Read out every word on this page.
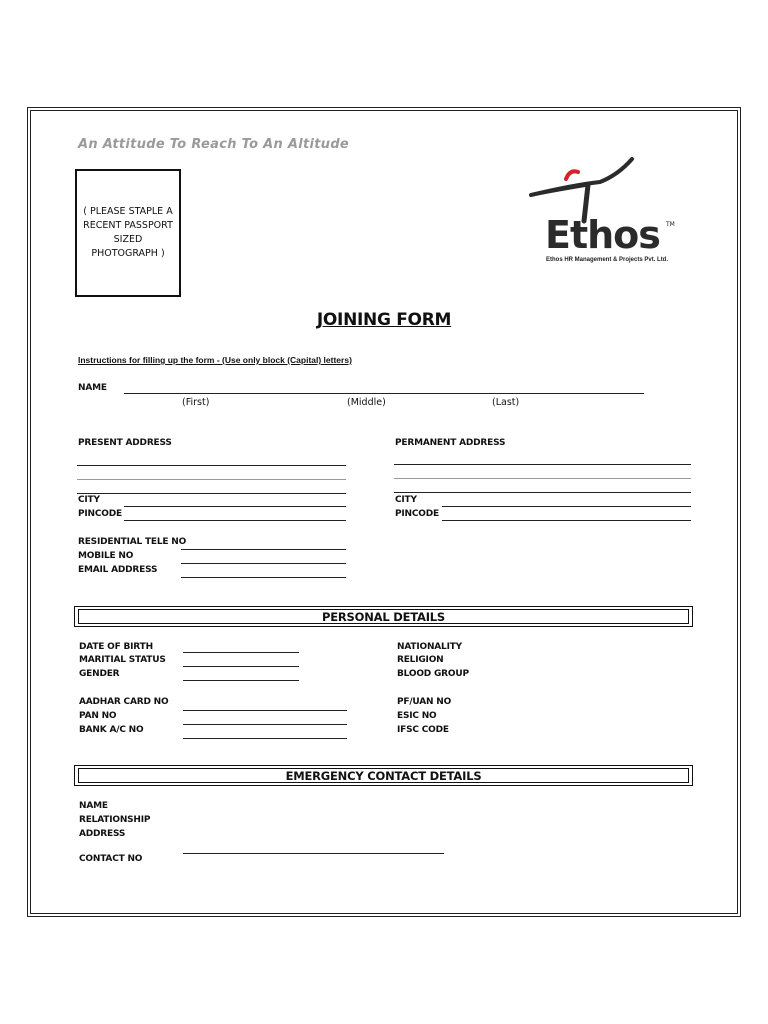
An Attitude To Reach To An Altitude
( PLEASE STAPLE A RECENT PASSPORT SIZED PHOTOGRAPH )	Ethos TM
Ethos HR Management & Projects Pvt. Ltd.
JOINING FORM
Instructions for filling up the form - (Use only block (Capital) letters)
NAME
(First)	(Middle)	(Last)
PRESENT ADDRESS
CITY
PINCODE
PERMANENT ADDRESS
CITY
PINCODE
RESIDENTIAL TELE NO
MOBILE NO
EMAIL ADDRESS
PERSONAL DETAILS
DATE OF BIRTH
MARITIAL STATUS
GENDER
NATIONALITY
RELIGION
BLOOD GROUP
AADHAR CARD NO
PAN NO
BANK A/C NO
PF/UAN NO
ESIC NO
IFSC CODE
EMERGENCY CONTACT DETAILS
NAME
RELATIONSHIP
ADDRESS
CONTACT NO
